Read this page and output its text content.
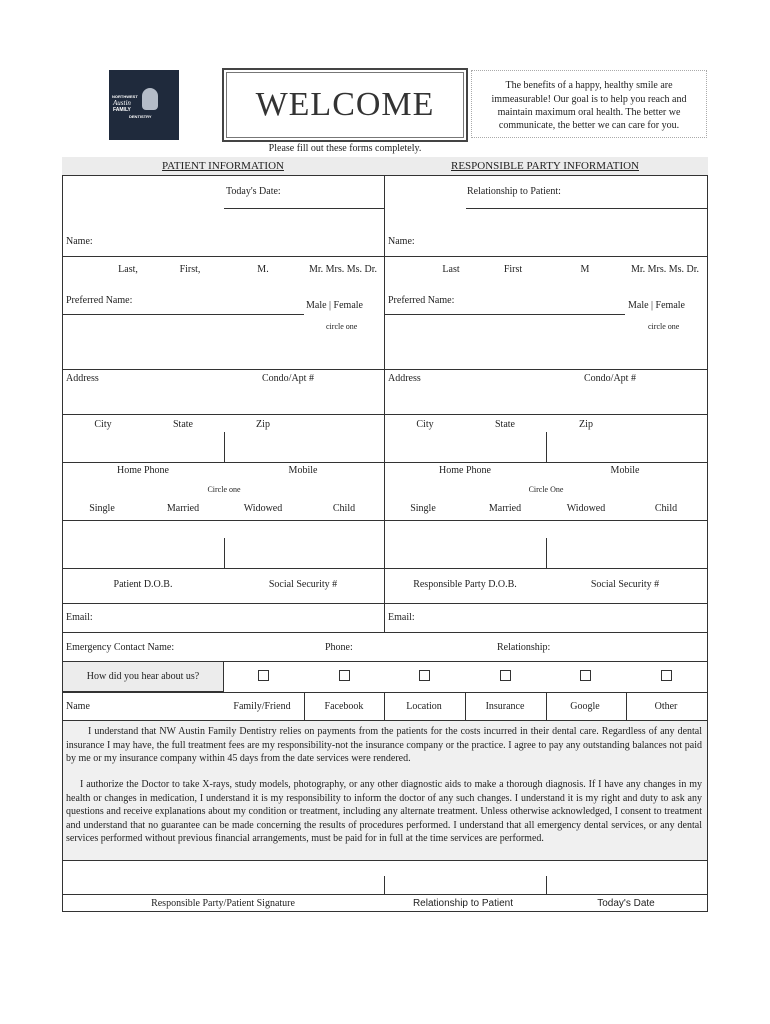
NORTHWEST
Austin
FAMILY
DENTISTRY	WELCOME
The benefits of a happy, healthy smile are
immeasurable! Our goal is to help you reach and
maintain maximum oral health. The better we
communicate, the better we can care for you.
Please fill out these forms completely.
PATIENT INFORMATION	RESPONSIBLE PARTY INFORMATION
Today's Date:	Relationship to Patient:
Name:	Name:
Last,	First,	M.	Mr. Mrs. Ms. Dr.	Last	First	M	Mr. Mrs. Ms. Dr.
Preferred Name:	Male | Female
circle one
Preferred Name:	Male | Female
circle one
Address	Condo/Apt #	Address	Condo/Apt #
City	State	Zip	City	State	Zip
Home Phone	Mobile	Home Phone	Mobile
Circle one	Circle One
Single	Married	Widowed	Child	Single	Married	Widowed	Child
Patient D.O.B.	Social Security #	Responsible Party D.O.B.	Social Security #
Email:	Email:
Emergency Contact Name:	Phone:	Relationship:
How did you hear about us?
Name	Family/Friend	Facebook	Location	Insurance	Google	Other
I understand that NW Austin Family Dentistry relies on payments from the patients for the costs incurred in their dental care. Regardless of any dental insurance I may have, the full treatment fees are my responsibility-not the insurance company or the practice. I agree to pay any outstanding balances not paid by me or my insurance company within 45 days from the date services were rendered.
I authorize the Doctor to take X-rays, study models, photography, or any other diagnostic aids to make a thorough diagnosis. If I have any changes in my health or changes in medication, I understand it is my responsibility to inform the doctor of any such changes. I understand it is my right and duty to ask any questions and receive explanations about my condition or treatment, including any alternate treatment. Unless otherwise acknowledged, I consent to treatment and understand that no guarantee can be made concerning the results of procedures performed. I understand that all emergency dental services, or any dental services performed without previous financial arrangements, must be paid for in full at the time services are performed.
Responsible Party/Patient Signature	Relationship to Patient	Today's Date
